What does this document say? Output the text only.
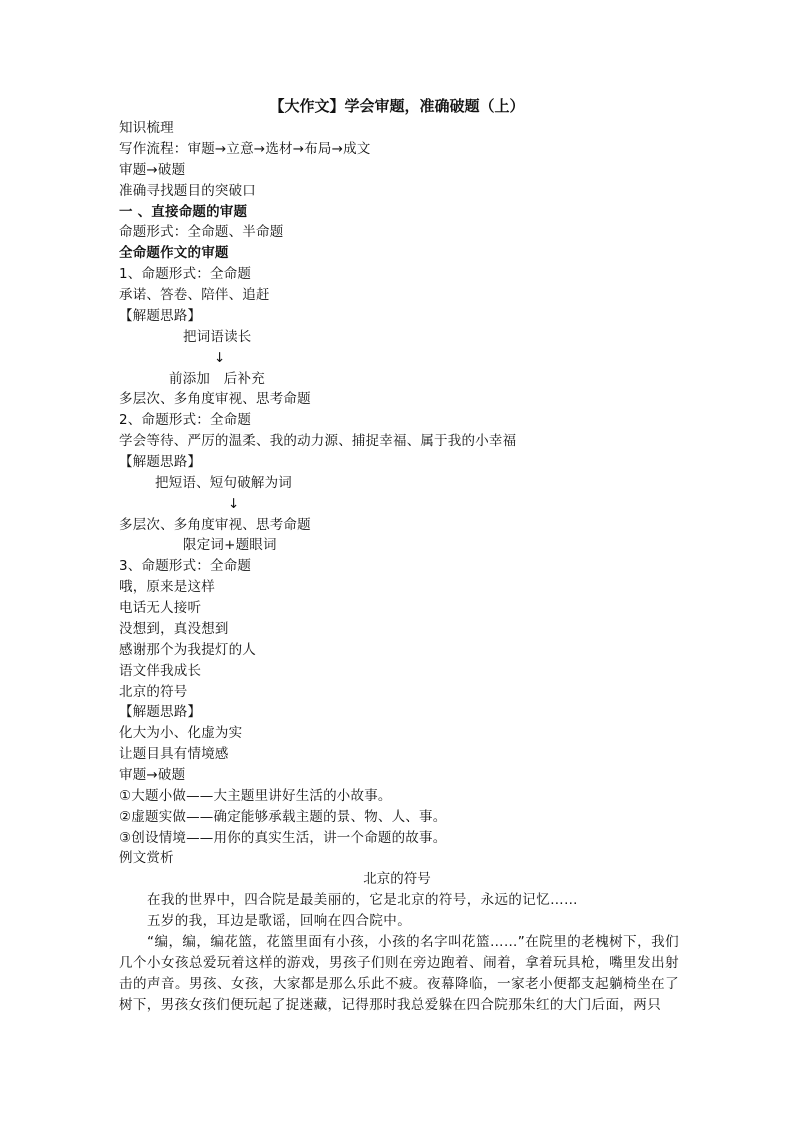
【大作文】学会审题，准确破题（上）
知识梳理
写作流程：审题→立意→选材→布局→成文
审题→破题
准确寻找题目的突破口
一 、直接命题的审题
命题形式：全命题、半命题
全命题作文的审题
1、命题形式：全命题
承诺、答卷、陪伴、追赶
【解题思路】
把词语读长
↓
前添加　后补充
多层次、多角度审视、思考命题
2、命题形式：全命题
学会等待、严厉的温柔、我的动力源、捕捉幸福、属于我的小幸福
【解题思路】
把短语、短句破解为词
↓
多层次、多角度审视、思考命题
限定词+题眼词
3、命题形式：全命题
哦，原来是这样
电话无人接听
没想到，真没想到
感谢那个为我提灯的人
语文伴我成长
北京的符号
【解题思路】
化大为小、化虚为实
让题目具有情境感
审题→破题
①大题小做——大主题里讲好生活的小故事。
②虚题实做——确定能够承载主题的景、物、人、事。
③创设情境——用你的真实生活，讲一个命题的故事。
例文赏析
北京的符号
在我的世界中，四合院是最美丽的，它是北京的符号，永远的记忆……
五岁的我，耳边是歌谣，回响在四合院中。
“编，编，编花篮，花篮里面有小孩，小孩的名字叫花篮……”在院里的老槐树下，我们几个小女孩总爱玩着这样的游戏，男孩子们则在旁边跑着、闹着，拿着玩具枪，嘴里发出射击的声音。男孩、女孩，大家都是那么乐此不疲。夜幕降临，一家老小便都支起躺椅坐在了树下，男孩女孩们便玩起了捉迷藏，记得那时我总爱躲在四合院那朱红的大门后面，两只
